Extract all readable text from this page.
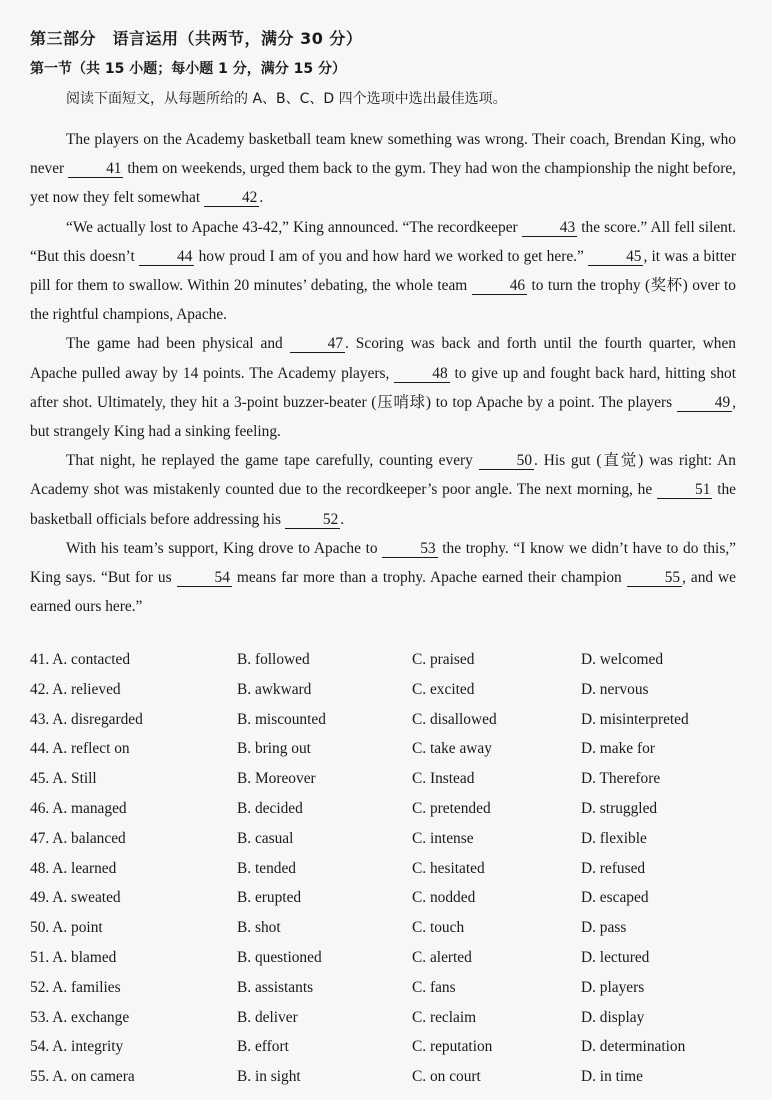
第三部分　语言运用（共两节，满分 30 分）
第一节（共 15 小题；每小题 1 分，满分 15 分）
阅读下面短文，从每题所给的 A、B、C、D 四个选项中选出最佳选项。

The players on the Academy basketball team knew something was wrong. Their coach, Brendan King, who never 41 them on weekends, urged them back to the gym. They had won the championship the night before, yet now they felt somewhat 42 .

“We actually lost to Apache 43-42,” King announced. “The recordkeeper 43 the score.” All fell silent. “But this doesn’t 44 how proud I am of you and how hard we worked to get here.” 45 , it was a bitter pill for them to swallow. Within 20 minutes’ debating, the whole team 46 to turn the trophy (奖杯) over to the rightful champions, Apache.

The game had been physical and 47 . Scoring was back and forth until the fourth quarter, when Apache pulled away by 14 points. The Academy players, 48 to give up and fought back hard, hitting shot after shot. Ultimately, they hit a 3-point buzzer-beater (压哨球) to top Apache by a point. The players 49 , but strangely King had a sinking feeling.

That night, he replayed the game tape carefully, counting every 50 . His gut (直觉) was right: An Academy shot was mistakenly counted due to the recordkeeper’s poor angle. The next morning, he 51 the basketball officials before addressing his 52 .

With his team’s support, King drove to Apache to 53 the trophy. “I know we didn’t have to do this,” King says. “But for us 54 means far more than a trophy. Apache earned their champion 55 , and we earned ours here.”

41. A. contacted	B. followed	C. praised	D. welcomed
42. A. relieved	B. awkward	C. excited	D. nervous
43. A. disregarded	B. miscounted	C. disallowed	D. misinterpreted
44. A. reflect on	B. bring out	C. take away	D. make for
45. A. Still	B. Moreover	C. Instead	D. Therefore
46. A. managed	B. decided	C. pretended	D. struggled
47. A. balanced	B. casual	C. intense	D. flexible
48. A. learned	B. tended	C. hesitated	D. refused
49. A. sweated	B. erupted	C. nodded	D. escaped
50. A. point	B. shot	C. touch	D. pass
51. A. blamed	B. questioned	C. alerted	D. lectured
52. A. families	B. assistants	C. fans	D. players
53. A. exchange	B. deliver	C. reclaim	D. display
54. A. integrity	B. effort	C. reputation	D. determination
55. A. on camera	B. in sight	C. on court	D. in time
